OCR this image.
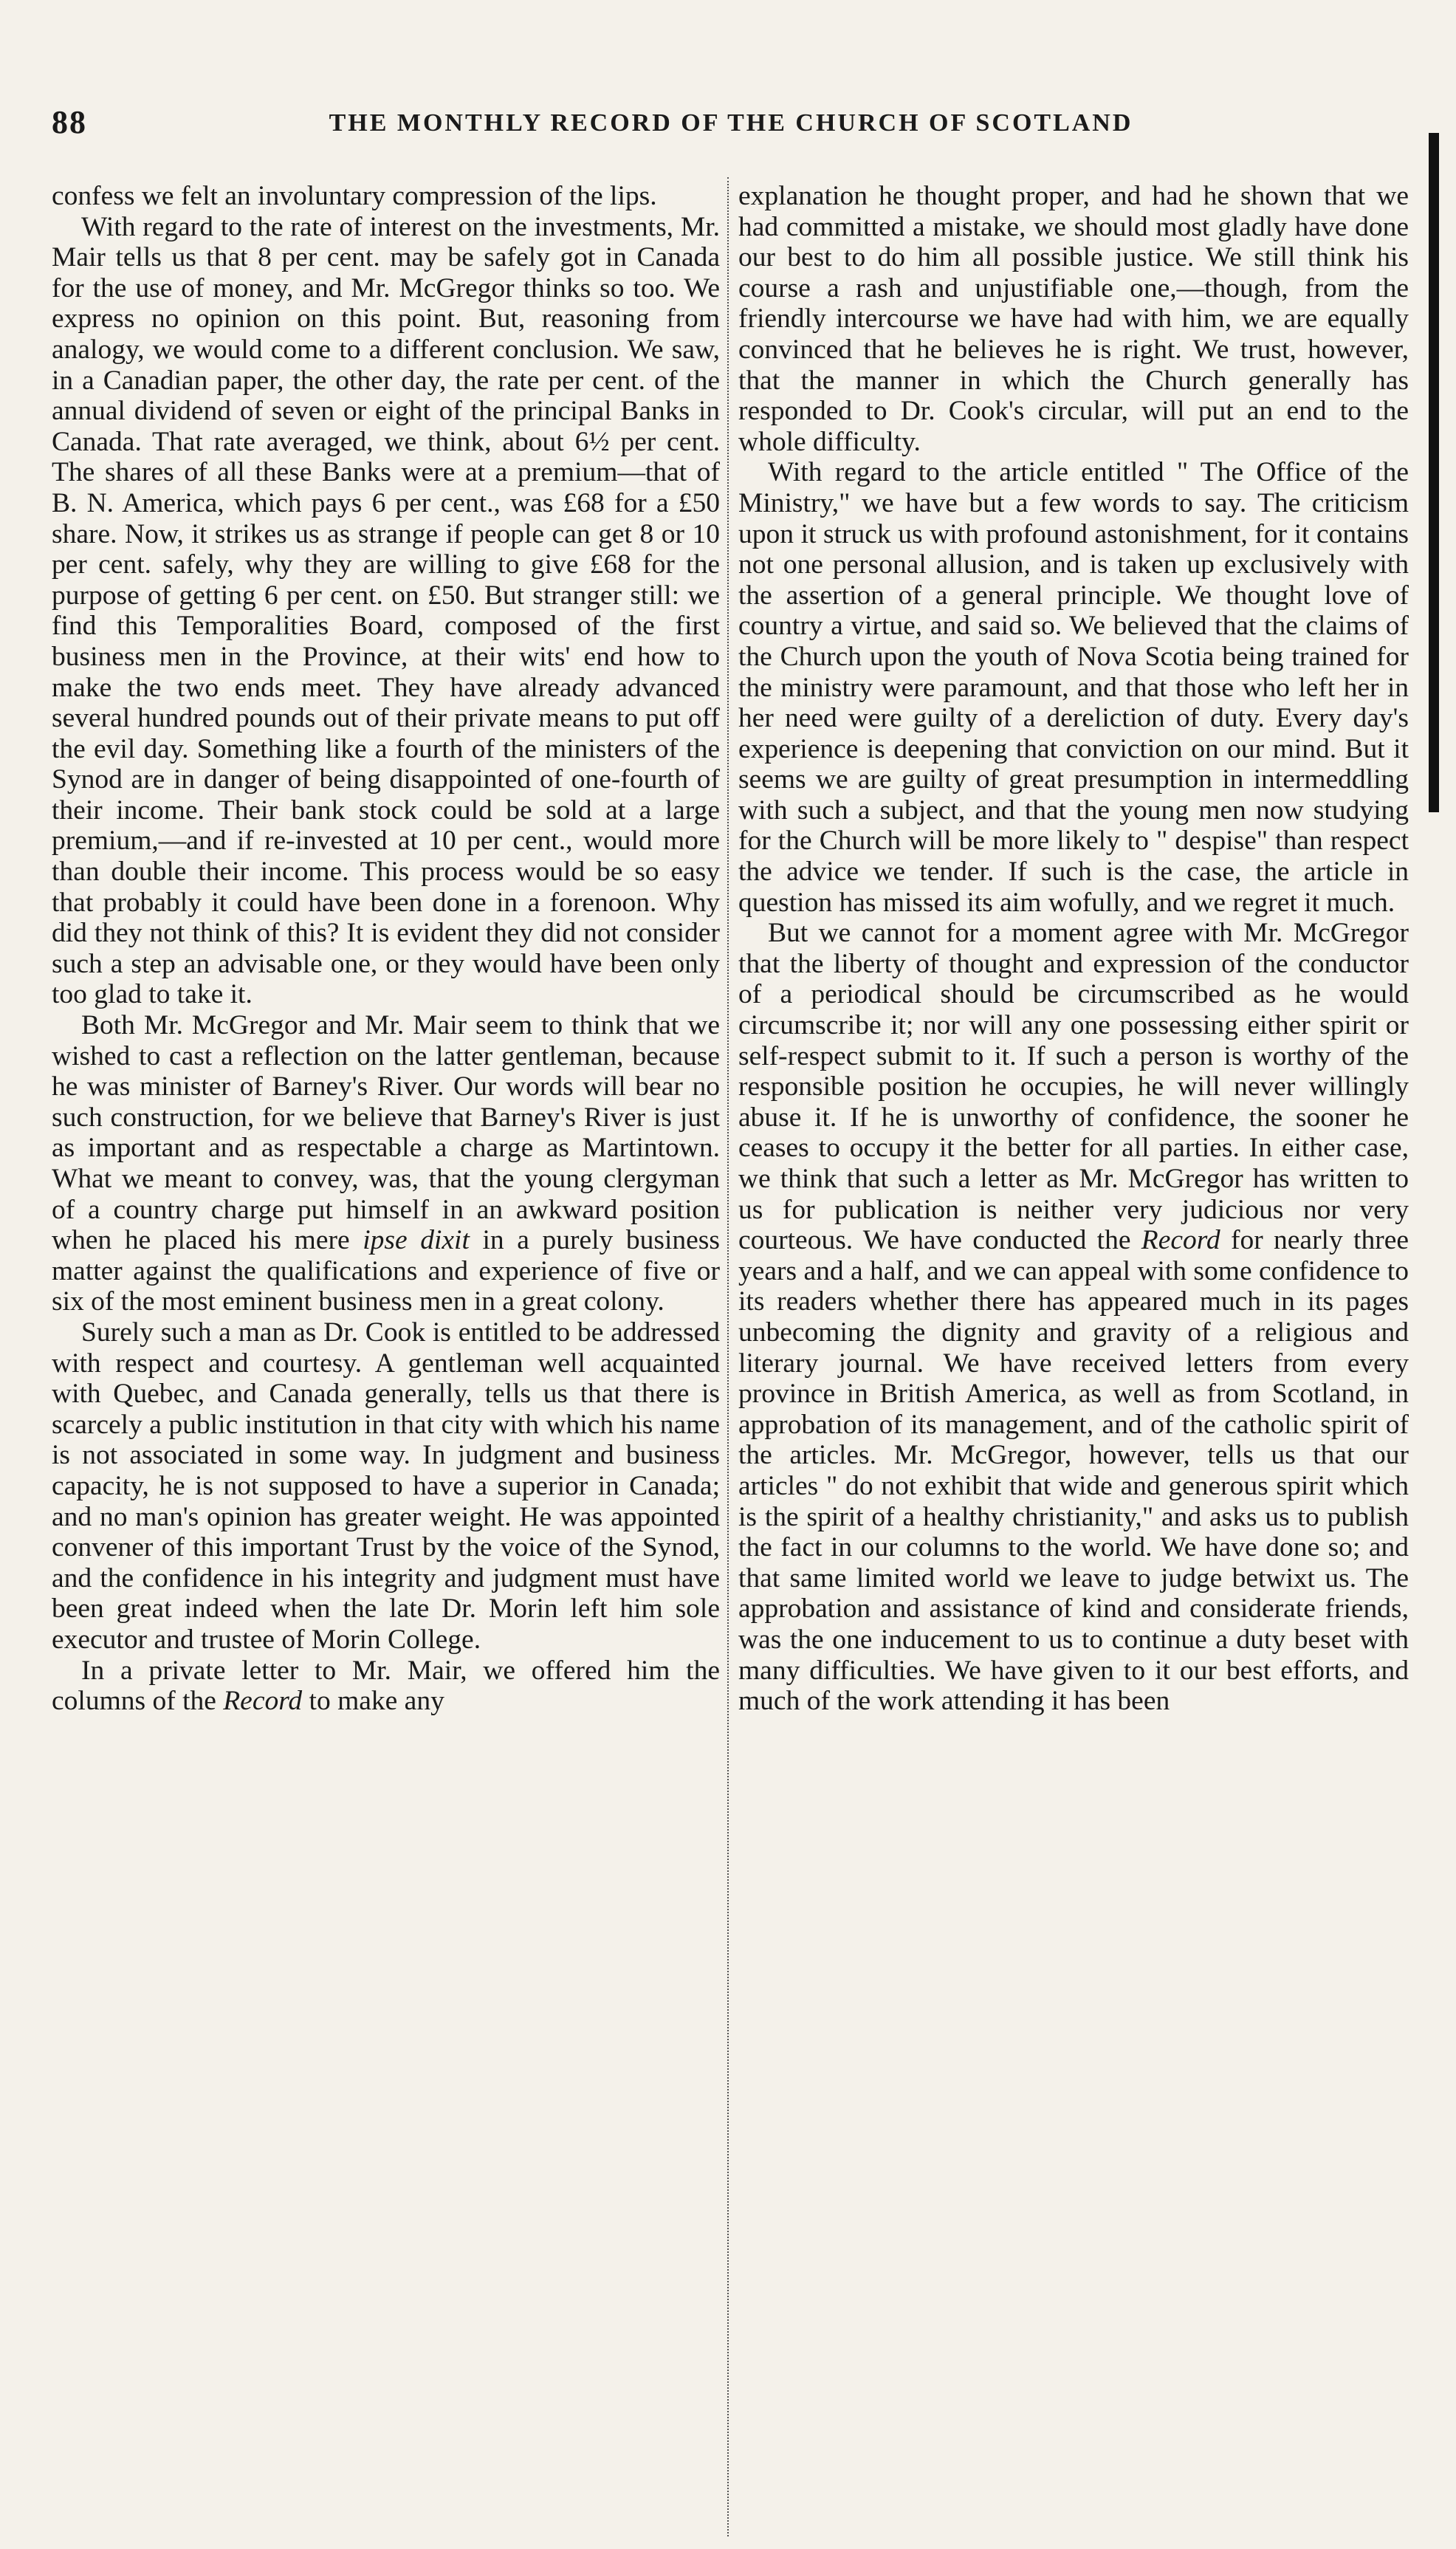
88	THE MONTHLY RECORD OF THE CHURCH OF SCOTLAND

confess we felt an involuntary compression of the lips.

With regard to the rate of interest on the investments, Mr. Mair tells us that 8 per cent. may be safely got in Canada for the use of money, and Mr. McGregor thinks so too. We express no opinion on this point. But, reasoning from analogy, we would come to a different conclusion. We saw, in a Canadian paper, the other day, the rate per cent. of the annual dividend of seven or eight of the principal Banks in Canada. That rate averaged, we think, about 6½ per cent. The shares of all these Banks were at a premium—that of B. N. America, which pays 6 per cent., was £68 for a £50 share. Now, it strikes us as strange if people can get 8 or 10 per cent. safely, why they are willing to give £68 for the purpose of getting 6 per cent. on £50. But stranger still: we find this Temporalities Board, composed of the first business men in the Province, at their wits' end how to make the two ends meet. They have already advanced several hundred pounds out of their private means to put off the evil day. Something like a fourth of the ministers of the Synod are in danger of being disappointed of one-fourth of their income. Their bank stock could be sold at a large premium,—and if re-invested at 10 per cent., would more than double their income. This process would be so easy that probably it could have been done in a forenoon. Why did they not think of this? It is evident they did not consider such a step an advisable one, or they would have been only too glad to take it.

Both Mr. McGregor and Mr. Mair seem to think that we wished to cast a reflection on the latter gentleman, because he was minister of Barney's River. Our words will bear no such construction, for we believe that Barney's River is just as important and as respectable a charge as Martintown. What we meant to convey, was, that the young clergyman of a country charge put himself in an awkward position when he placed his mere ipse dixit in a purely business matter against the qualifications and experience of five or six of the most eminent business men in a great colony.

Surely such a man as Dr. Cook is entitled to be addressed with respect and courtesy. A gentleman well acquainted with Quebec, and Canada generally, tells us that there is scarcely a public institution in that city with which his name is not associated in some way. In judgment and business capacity, he is not supposed to have a superior in Canada; and no man's opinion has greater weight. He was appointed convener of this important Trust by the voice of the Synod, and the confidence in his integrity and judgment must have been great indeed when the late Dr. Morin left him sole executor and trustee of Morin College.

In a private letter to Mr. Mair, we offered him the columns of the Record to make any

explanation he thought proper, and had he shown that we had committed a mistake, we should most gladly have done our best to do him all possible justice. We still think his course a rash and unjustifiable one,—though, from the friendly intercourse we have had with him, we are equally convinced that he believes he is right. We trust, however, that the manner in which the Church generally has responded to Dr. Cook's circular, will put an end to the whole difficulty.

With regard to the article entitled " The Office of the Ministry," we have but a few words to say. The criticism upon it struck us with profound astonishment, for it contains not one personal allusion, and is taken up exclusively with the assertion of a general principle. We thought love of country a virtue, and said so. We believed that the claims of the Church upon the youth of Nova Scotia being trained for the ministry were paramount, and that those who left her in her need were guilty of a dereliction of duty. Every day's experience is deepening that conviction on our mind. But it seems we are guilty of great presumption in intermeddling with such a subject, and that the young men now studying for the Church will be more likely to " despise" than respect the advice we tender. If such is the case, the article in question has missed its aim wofully, and we regret it much.

But we cannot for a moment agree with Mr. McGregor that the liberty of thought and expression of the conductor of a periodical should be circumscribed as he would circumscribe it; nor will any one possessing either spirit or self-respect submit to it. If such a person is worthy of the responsible position he occupies, he will never willingly abuse it. If he is unworthy of confidence, the sooner he ceases to occupy it the better for all parties. In either case, we think that such a letter as Mr. McGregor has written to us for publication is neither very judicious nor very courteous. We have conducted the Record for nearly three years and a half, and we can appeal with some confidence to its readers whether there has appeared much in its pages unbecoming the dignity and gravity of a religious and literary journal. We have received letters from every province in British America, as well as from Scotland, in approbation of its management, and of the catholic spirit of the articles. Mr. McGregor, however, tells us that our articles " do not exhibit that wide and generous spirit which is the spirit of a healthy christianity," and asks us to publish the fact in our columns to the world. We have done so; and that same limited world we leave to judge betwixt us. The approbation and assistance of kind and considerate friends, was the one inducement to us to continue a duty beset with many difficulties. We have given to it our best efforts, and much of the work attending it has been
